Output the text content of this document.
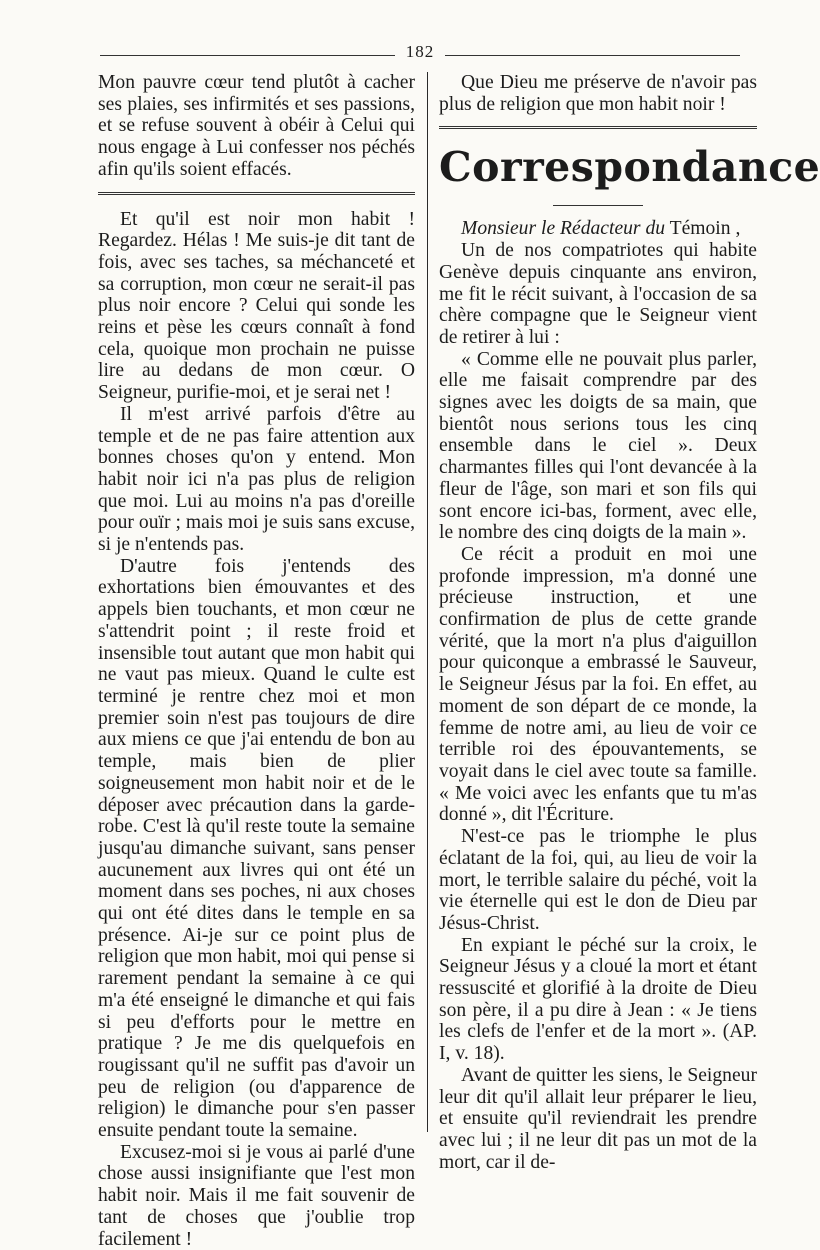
182

Mon pauvre cœur tend plutôt à cacher ses plaies, ses infirmités et ses passions, et se refuse souvent à obéir à Celui qui nous engage à Lui confesser nos péchés afin qu'ils soient effacés.

Et qu'il est noir mon habit ! Regardez. Hélas ! Me suis-je dit tant de fois, avec ses taches, sa méchanceté et sa corruption, mon cœur ne serait-il pas plus noir encore ? Celui qui sonde les reins et pèse les cœurs connaît à fond cela, quoique mon prochain ne puisse lire au dedans de mon cœur. O Seigneur, purifie-moi, et je serai net !

Il m'est arrivé parfois d'être au temple et de ne pas faire attention aux bonnes choses qu'on y entend. Mon habit noir ici n'a pas plus de religion que moi. Lui au moins n'a pas d'oreille pour ouïr ; mais moi je suis sans excuse, si je n'entends pas.

D'autre fois j'entends des exhortations bien émouvantes et des appels bien touchants, et mon cœur ne s'attendrit point ; il reste froid et insensible tout autant que mon habit qui ne vaut pas mieux. Quand le culte est terminé je rentre chez moi et mon premier soin n'est pas toujours de dire aux miens ce que j'ai entendu de bon au temple, mais bien de plier soigneusement mon habit noir et de le déposer avec précaution dans la garde-robe. C'est là qu'il reste toute la semaine jusqu'au dimanche suivant, sans penser aucunement aux livres qui ont été un moment dans ses poches, ni aux choses qui ont été dites dans le temple en sa présence. Ai-je sur ce point plus de religion que mon habit, moi qui pense si rarement pendant la semaine à ce qui m'a été enseigné le dimanche et qui fais si peu d'efforts pour le mettre en pratique ? Je me dis quelquefois en rougissant qu'il ne suffit pas d'avoir un peu de religion (ou d'apparence de religion) le dimanche pour s'en passer ensuite pendant toute la semaine.

Excusez-moi si je vous ai parlé d'une chose aussi insignifiante que l'est mon habit noir. Mais il me fait souvenir de tant de choses que j'oublie trop facilement !

Que Dieu me préserve de n'avoir pas plus de religion que mon habit noir !

Correspondance

Monsieur le Rédacteur du Témoin ,

Un de nos compatriotes qui habite Genève depuis cinquante ans environ, me fit le récit suivant, à l'occasion de sa chère compagne que le Seigneur vient de retirer à lui :

« Comme elle ne pouvait plus parler, elle me faisait comprendre par des signes avec les doigts de sa main, que bientôt nous serions tous les cinq ensemble dans le ciel ». Deux charmantes filles qui l'ont devancée à la fleur de l'âge, son mari et son fils qui sont encore ici-bas, forment, avec elle, le nombre des cinq doigts de la main ».

Ce récit a produit en moi une profonde impression, m'a donné une précieuse instruction, et une confirmation de plus de cette grande vérité, que la mort n'a plus d'aiguillon pour quiconque a embrassé le Sauveur, le Seigneur Jésus par la foi. En effet, au moment de son départ de ce monde, la femme de notre ami, au lieu de voir ce terrible roi des épouvantements, se voyait dans le ciel avec toute sa famille. « Me voici avec les enfants que tu m'as donné », dit l'Écriture.

N'est-ce pas le triomphe le plus éclatant de la foi, qui, au lieu de voir la mort, le terrible salaire du péché, voit la vie éternelle qui est le don de Dieu par Jésus-Christ.

En expiant le péché sur la croix, le Seigneur Jésus y a cloué la mort et étant ressuscité et glorifié à la droite de Dieu son père, il a pu dire à Jean : « Je tiens les clefs de l'enfer et de la mort ». (AP. I, v. 18).

Avant de quitter les siens, le Seigneur leur dit qu'il allait leur préparer le lieu, et ensuite qu'il reviendrait les prendre avec lui ; il ne leur dit pas un mot de la mort, car il de-
